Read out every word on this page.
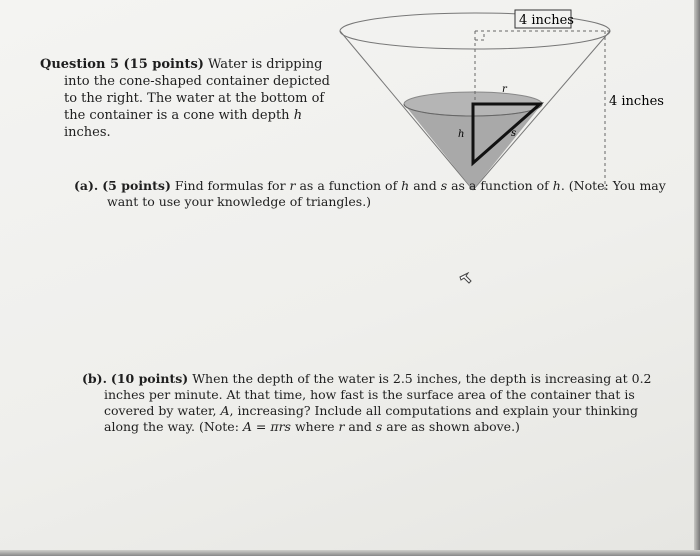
Question 5 (15 points) Water is dripping into the cone-shaped container depicted to the right. The water at the bottom of the container is a cone with depth h inches.
4 inches
4 inches
r
s
h
(a). (5 points) Find formulas for r as a function of h and s as a function of h. (Note: You may want to use your knowledge of triangles.)
(b). (10 points) When the depth of the water is 2.5 inches, the depth is increasing at 0.2 inches per minute. At that time, how fast is the surface area of the container that is covered by water, A, increasing? Include all computations and explain your thinking along the way. (Note: A = πrs where r and s are as shown above.)
